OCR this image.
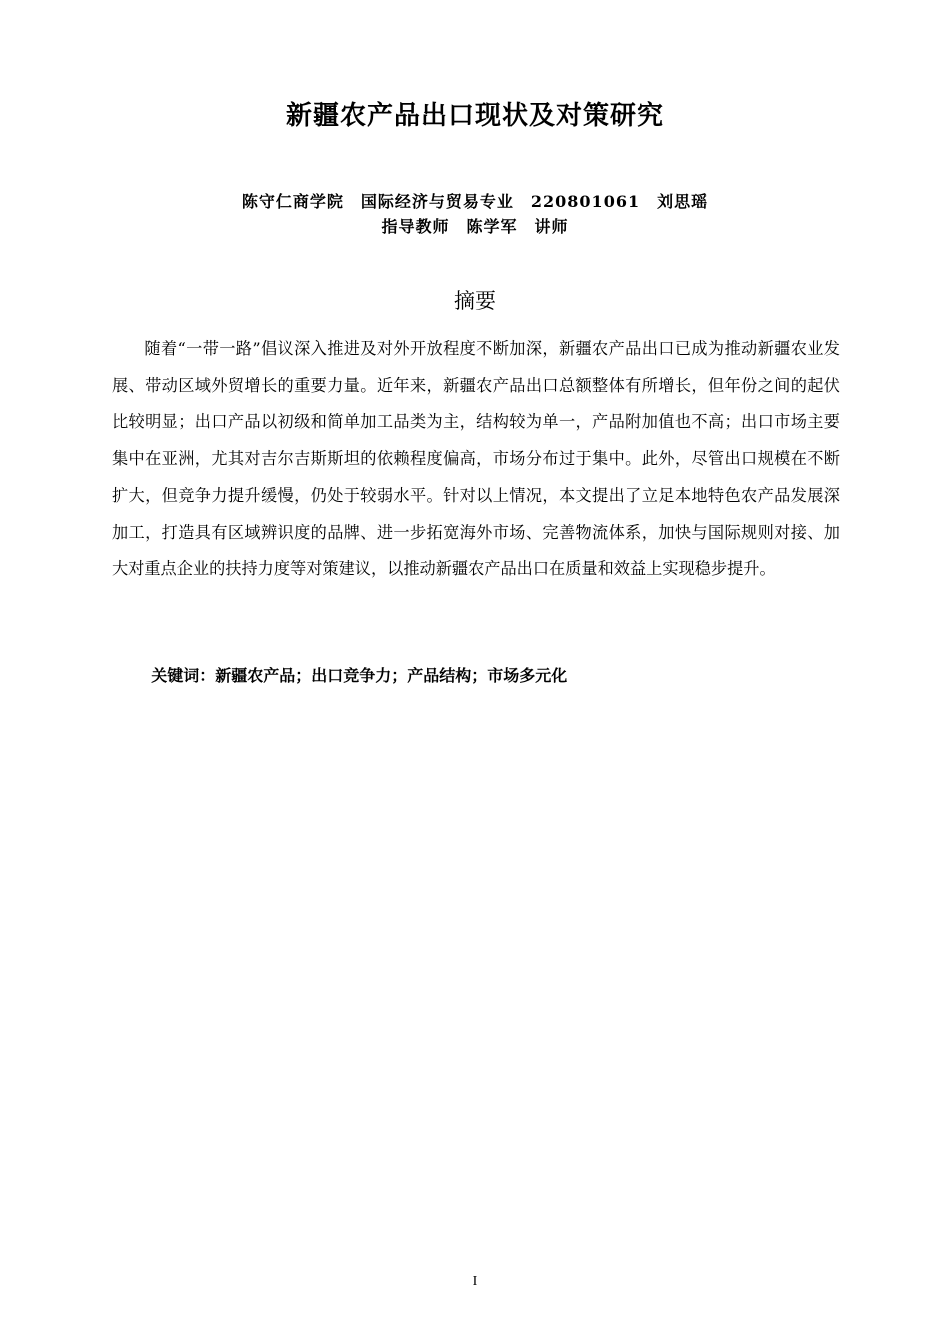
新疆农产品出口现状及对策研究
陈守仁商学院　国际经济与贸易专业　220801061　刘思瑶
指导教师　陈学军　讲师
摘要

随着“一带一路”倡议深入推进及对外开放程度不断加深，新疆农产品出口已成为推动新疆农业发展、带动区域外贸增长的重要力量。近年来，新疆农产品出口总额整体有所增长，但年份之间的起伏比较明显；出口产品以初级和简单加工品类为主，结构较为单一，产品附加值也不高；出口市场主要集中在亚洲，尤其对吉尔吉斯斯坦的依赖程度偏高，市场分布过于集中。此外，尽管出口规模在不断扩大，但竞争力提升缓慢，仍处于较弱水平。针对以上情况，本文提出了立足本地特色农产品发展深加工，打造具有区域辨识度的品牌、进一步拓宽海外市场、完善物流体系，加快与国际规则对接、加大对重点企业的扶持力度等对策建议，以推动新疆农产品出口在质量和效益上实现稳步提升。

关键词：新疆农产品；出口竞争力；产品结构；市场多元化

I
